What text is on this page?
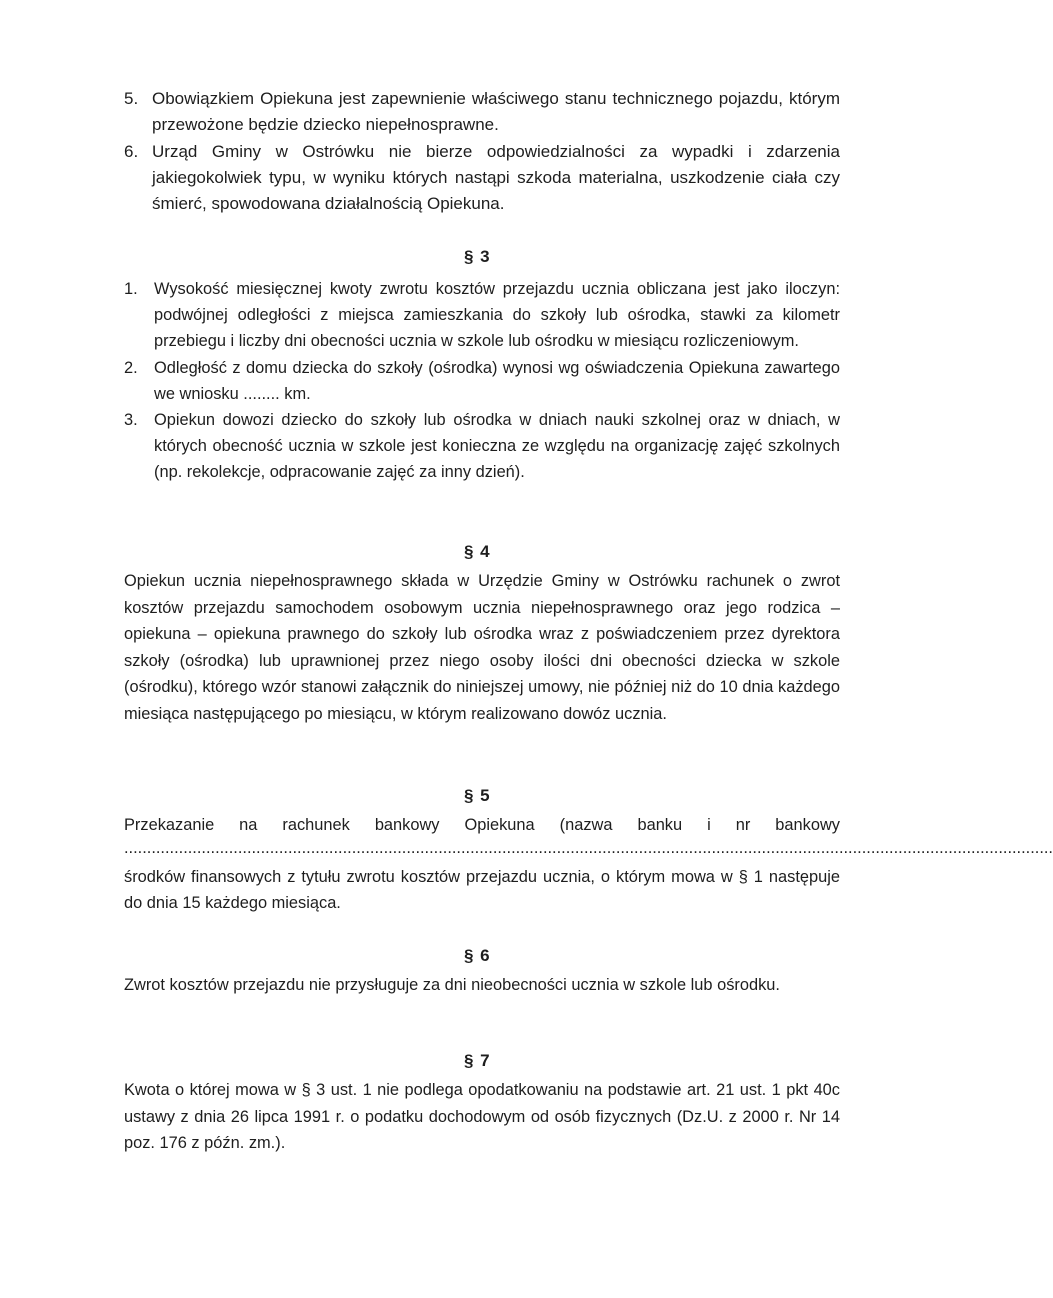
5. Obowiązkiem Opiekuna jest zapewnienie właściwego stanu technicznego pojazdu, którym przewożone będzie dziecko niepełnosprawne.
6. Urząd Gminy w Ostrówku nie bierze odpowiedzialności za wypadki i zdarzenia jakiegokolwiek typu, w wyniku których nastąpi szkoda materialna, uszkodzenie ciała czy śmierć, spowodowana działalnością Opiekuna.
§ 3
1. Wysokość miesięcznej kwoty zwrotu kosztów przejazdu ucznia obliczana jest jako iloczyn: podwójnej odległości z miejsca zamieszkania do szkoły lub ośrodka, stawki za kilometr przebiegu i liczby dni obecności ucznia w szkole lub ośrodku w miesiącu rozliczeniowym.
2. Odległość z domu dziecka do szkoły (ośrodka) wynosi wg oświadczenia Opiekuna zawartego we wniosku ........ km.
3. Opiekun dowozi dziecko do szkoły lub ośrodka w dniach nauki szkolnej oraz w dniach, w których obecność ucznia w szkole jest konieczna ze względu na organizację zajęć szkolnych (np. rekolekcje, odpracowanie zajęć za inny dzień).
§ 4
Opiekun ucznia niepełnosprawnego składa w Urzędzie Gminy w Ostrówku rachunek o zwrot kosztów przejazdu samochodem osobowym ucznia niepełnosprawnego oraz jego rodzica – opiekuna – opiekuna prawnego do szkoły lub ośrodka wraz z poświadczeniem przez dyrektora szkoły (ośrodka) lub uprawnionej przez niego osoby ilości dni obecności dziecka w szkole (ośrodku), którego wzór stanowi załącznik do niniejszej umowy, nie później niż do 10 dnia każdego miesiąca następującego po miesiącu, w którym realizowano dowóz ucznia.
§ 5
Przekazanie na rachunek bankowy Opiekuna (nazwa banku i nr bankowy
............................................................................................................................................................................................................
środków finansowych z tytułu zwrotu kosztów przejazdu ucznia, o którym mowa w § 1 następuje do dnia 15 każdego miesiąca.
§ 6
Zwrot kosztów przejazdu nie przysługuje za dni nieobecności ucznia w szkole lub ośrodku.
§ 7
Kwota o której mowa w § 3 ust. 1 nie podlega opodatkowaniu na podstawie art. 21 ust. 1 pkt 40c ustawy z dnia 26 lipca 1991 r. o podatku dochodowym od osób fizycznych (Dz.U. z 2000 r. Nr 14 poz. 176 z późn. zm.).
